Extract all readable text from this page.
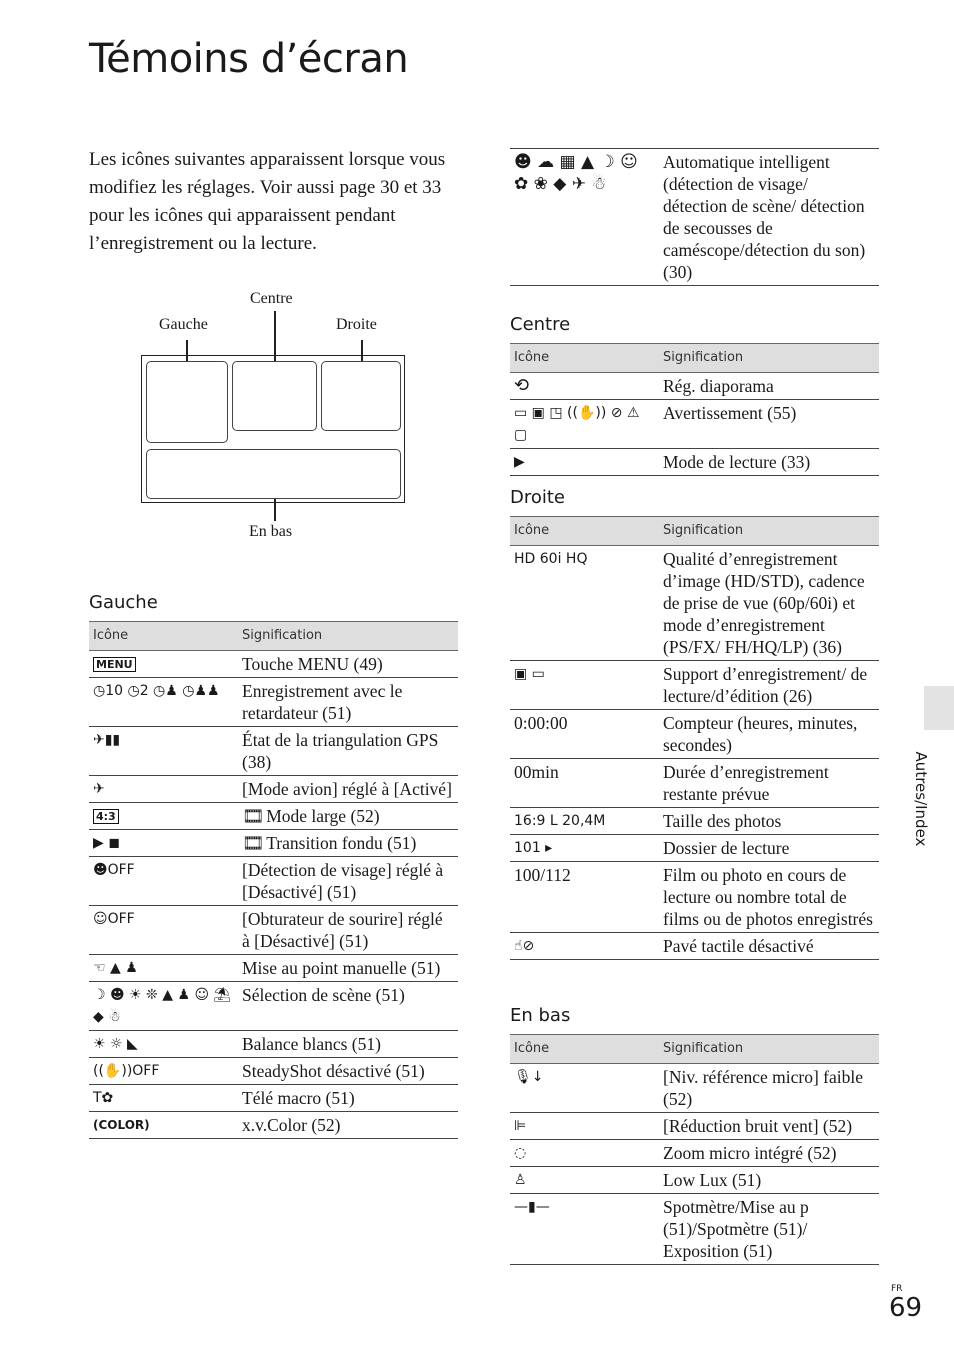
Témoins d’écran

Les icônes suivantes apparaissent lorsque vous modifiez les réglages. Voir aussi page 30 et 33 pour les icônes qui apparaissent pendant l’enregistrement ou la lecture.

Centre
Gauche	Droite
En bas
Gauche
Icône	Signification
MENU	Touche MENU (49)
◷10 ◷2 ◷♟ ◷♟♟	Enregistrement avec le retardateur (51)
✈▮▮	État de la triangulation GPS (38)
✈	[Mode avion] réglé à [Activé]
4:3	🎞 Mode large (52)
▶ ◼	🎞 Transition fondu (51)
☻OFF	[Détection de visage] réglé à [Désactivé] (51)
☺OFF	[Obturateur de sourire] réglé à [Désactivé] (51)
☜ ▲ ♟	Mise au point manuelle (51)
☽ ☻ ☀ ❊ ▲ ♟ ☺ ⛱ ◆ ☃	Sélection de scène (51)
☀ ☼ ◣	Balance blancs (51)
((✋))OFF	SteadyShot désactivé (51)
T✿	Télé macro (51)
(COLOR)	x.v.Color (52)
☻ ☁ ▦ ▲ ☽ ☺ ✿ ❀ ◆ ✈ ☃	Automatique intelligent (détection de visage/ détection de scène/ détection de secousses de caméscope/détection du son) (30)
Centre
Icône	Signification
⟲	Rég. diaporama
▭ ▣ ◳ ((✋)) ⊘ ⚠ ▢	Avertissement (55)
▶	Mode de lecture (33)
Droite
Icône	Signification
HD 60i HQ	Qualité d’enregistrement d’image (HD/STD), cadence de prise de vue (60p/60i) et mode d’enregistrement (PS/FX/ FH/HQ/LP) (36)
▣ ▭	Support d’enregistrement/ de lecture/d’édition (26)
0:00:00	Compteur (heures, minutes, secondes)
00min	Durée d’enregistrement restante prévue
16:9 L 20,4M	Taille des photos
101 ▸	Dossier de lecture
100/112	Film ou photo en cours de lecture ou nombre total de films ou de photos enregistrés
☝⊘	Pavé tactile désactivé
En bas
Icône	Signification
🎙↓	[Niv. référence micro] faible (52)
⊫	[Réduction bruit vent] (52)
◌	Zoom micro intégré (52)
♙	Low Lux (51)
—▮—	Spotmètre/Mise au p (51)/Spotmètre (51)/ Exposition (51)
Autres/Index
FR
69
